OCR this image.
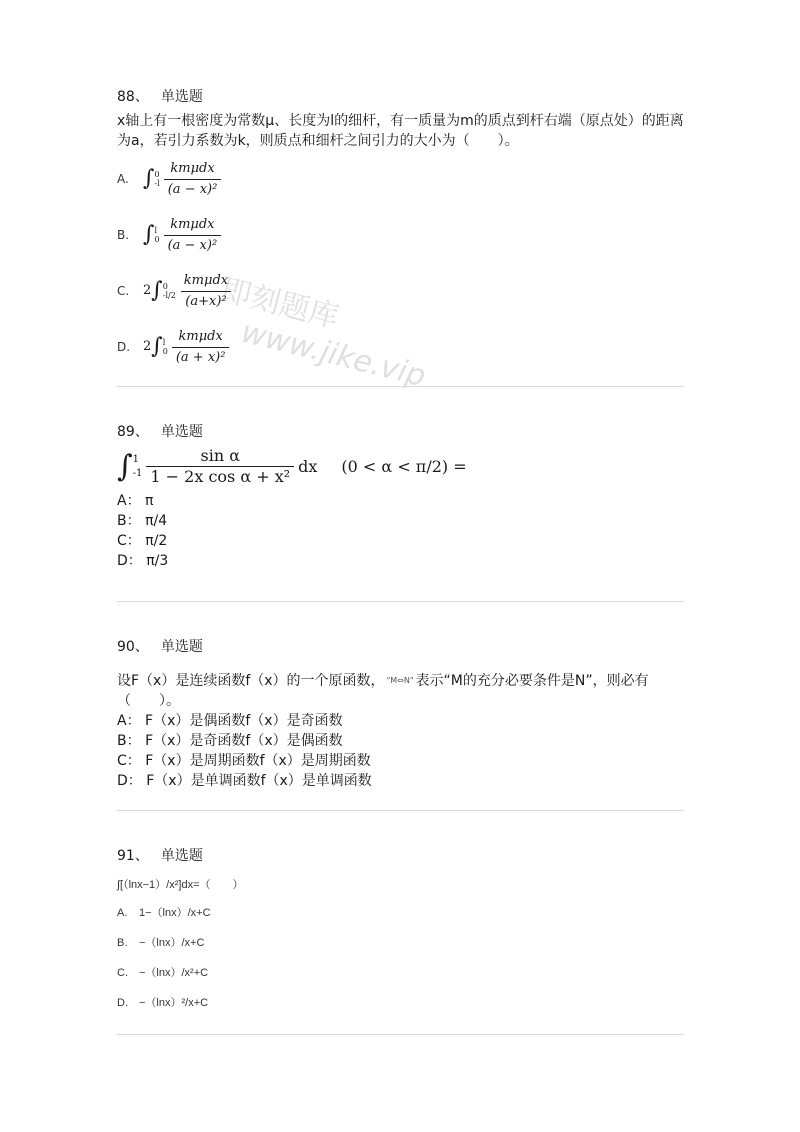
即刻题库
www.jike.vip
88、 单选题
x轴上有一根密度为常数μ、长度为l的细杆，有一质量为m的质点到杆右端（原点处）的距离为a，若引力系数为k，则质点和细杆之间引力的大小为（　　）。
A. ∫ 0
$-l \frac{\text{kmμdx}}{\text{(a − x)²}}$
B. ∫ l
$0 \frac{\text{kmμdx}}{\text{(a − x)²}}$
C.	2 ∫ 0
$-l/2 \frac{\text{kmμdx}}{\text{(a+x)²}}$
D. 2 ∫ l
$0 \frac{\text{kmμdx}}{\text{(a + x)²}}$
89、 单选题
∫ 1
$-1 \frac{\text{sin α}}{\text{1 − 2x cos α + x²}}$ dx (0 < α < π/2) =
A： π
B： π/4
C： π/2
D： π/3
90、 单选题
设F（x）是连续函数f（x）的一个原函数， "M⇔N" 表示“M的充分必要条件是N”，则必有（　　）。
A： F（x）是偶函数f（x）是奇函数
B： F（x）是奇函数f（x）是偶函数
C： F（x）是周期函数f（x）是周期函数
D： F（x）是单调函数f（x）是单调函数
91、 单选题
∫[（lnx−1）/x²]dx=（　　）
A.	1−（lnx）/x+C
B.	−（lnx）/x+C
C.	−（lnx）/x²+C
D.	−（lnx）²/x+C
